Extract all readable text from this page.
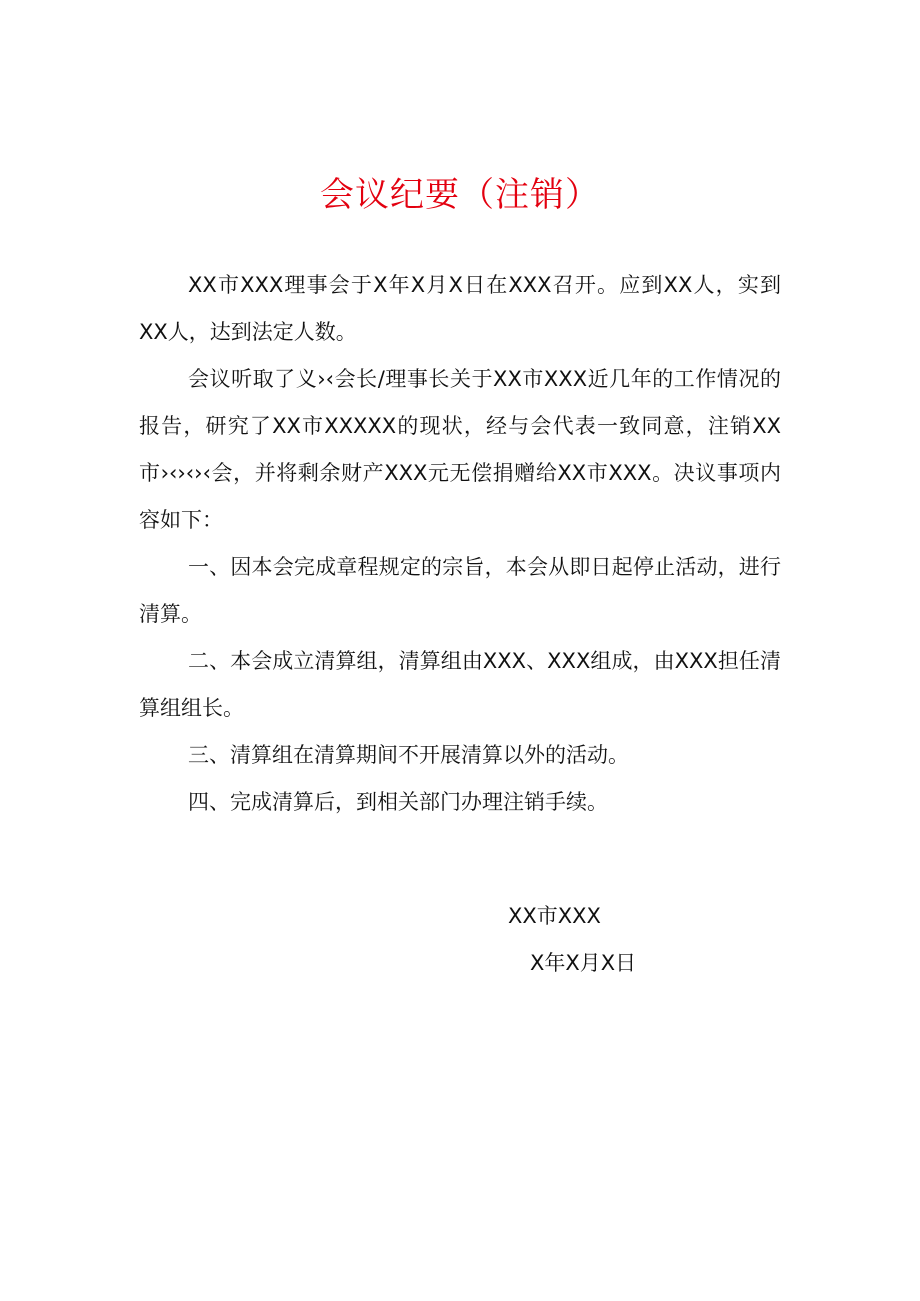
会议纪要（注销）

XX市XXX理事会于X年X月X日在XXX召开。应到XX人，实到XX人，达到法定人数。

会议听取了义›‹会长/理事长关于XX市XXX近几年的工作情况的报告，研究了XX市XXXXX的现状，经与会代表一致同意，注销XX市›‹›‹›‹会，并将剩余财产XXX元无偿捐赠给XX市XXX。决议事项内容如下：

一、因本会完成章程规定的宗旨，本会从即日起停止活动，进行清算。

二、本会成立清算组，清算组由XXX、XXX组成，由XXX担任清算组组长。

三、清算组在清算期间不开展清算以外的活动。

四、完成清算后，到相关部门办理注销手续。

XX市XXX
X年X月X日
